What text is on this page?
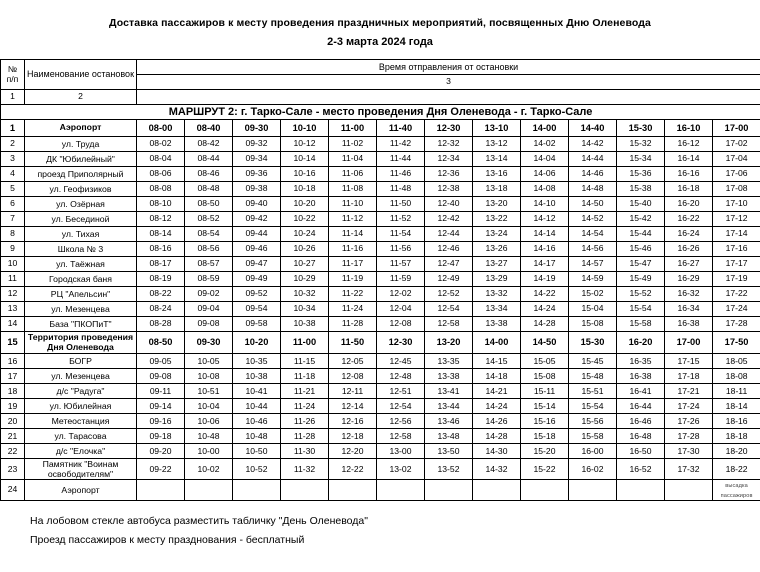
Доставка пассажиров к месту проведения праздничных мероприятий, посвященных Дню Оленевода
2-3 марта 2024 года
№
п/п	Наименование остановок	Время отправления от остановки												
		3												
1	2													
МАРШРУТ 2: г. Тарко-Сале - место проведения Дня Оленевода - г. Тарко-Сале														
1	Аэропорт	08-00	08-40	09-30	10-10	11-00	11-40	12-30	13-10	14-00	14-40	15-30	16-10	17-00
2	ул. Труда	08-02	08-42	09-32	10-12	11-02	11-42	12-32	13-12	14-02	14-42	15-32	16-12	17-02
3	ДК "Юбилейный"	08-04	08-44	09-34	10-14	11-04	11-44	12-34	13-14	14-04	14-44	15-34	16-14	17-04
4	проезд Приполярный	08-06	08-46	09-36	10-16	11-06	11-46	12-36	13-16	14-06	14-46	15-36	16-16	17-06
5	ул. Геофизиков	08-08	08-48	09-38	10-18	11-08	11-48	12-38	13-18	14-08	14-48	15-38	16-18	17-08
6	ул. Озёрная	08-10	08-50	09-40	10-20	11-10	11-50	12-40	13-20	14-10	14-50	15-40	16-20	17-10
7	ул. Бесединой	08-12	08-52	09-42	10-22	11-12	11-52	12-42	13-22	14-12	14-52	15-42	16-22	17-12
8	ул. Тихая	08-14	08-54	09-44	10-24	11-14	11-54	12-44	13-24	14-14	14-54	15-44	16-24	17-14
9	Школа № 3	08-16	08-56	09-46	10-26	11-16	11-56	12-46	13-26	14-16	14-56	15-46	16-26	17-16
10	ул. Таёжная	08-17	08-57	09-47	10-27	11-17	11-57	12-47	13-27	14-17	14-57	15-47	16-27	17-17
11	Городская баня	08-19	08-59	09-49	10-29	11-19	11-59	12-49	13-29	14-19	14-59	15-49	16-29	17-19
12	РЦ "Апельсин"	08-22	09-02	09-52	10-32	11-22	12-02	12-52	13-32	14-22	15-02	15-52	16-32	17-22
13	ул. Мезенцева	08-24	09-04	09-54	10-34	11-24	12-04	12-54	13-34	14-24	15-04	15-54	16-34	17-24
14	База "ПКОПиТ"	08-28	09-08	09-58	10-38	11-28	12-08	12-58	13-38	14-28	15-08	15-58	16-38	17-28
15	Территория проведения Дня Оленевода	08-50	09-30	10-20	11-00	11-50	12-30	13-20	14-00	14-50	15-30	16-20	17-00	17-50
16	БОГР	09-05	10-05	10-35	11-15	12-05	12-45	13-35	14-15	15-05	15-45	16-35	17-15	18-05
17	ул. Мезенцева	09-08	10-08	10-38	11-18	12-08	12-48	13-38	14-18	15-08	15-48	16-38	17-18	18-08
18	д/с "Радуга"	09-11	10-51	10-41	11-21	12-11	12-51	13-41	14-21	15-11	15-51	16-41	17-21	18-11
19	ул. Юбилейная	09-14	10-04	10-44	11-24	12-14	12-54	13-44	14-24	15-14	15-54	16-44	17-24	18-14
20	Метеостанция	09-16	10-06	10-46	11-26	12-16	12-56	13-46	14-26	15-16	15-56	16-46	17-26	18-16
21	ул. Тарасова	09-18	10-48	10-48	11-28	12-18	12-58	13-48	14-28	15-18	15-58	16-48	17-28	18-18
22	д/с "Елочка"	09-20	10-00	10-50	11-30	12-20	13-00	13-50	14-30	15-20	16-00	16-50	17-30	18-20
23	Памятник "Воинам освободителям"	09-22	10-02	10-52	11-32	12-22	13-02	13-52	14-32	15-22	16-02	16-52	17-32	18-22
24	Аэропорт													высадка пассажиров
На лобовом стекле автобуса разместить табличку "День Оленевода"
Проезд пассажиров к месту празднования - бесплатный
